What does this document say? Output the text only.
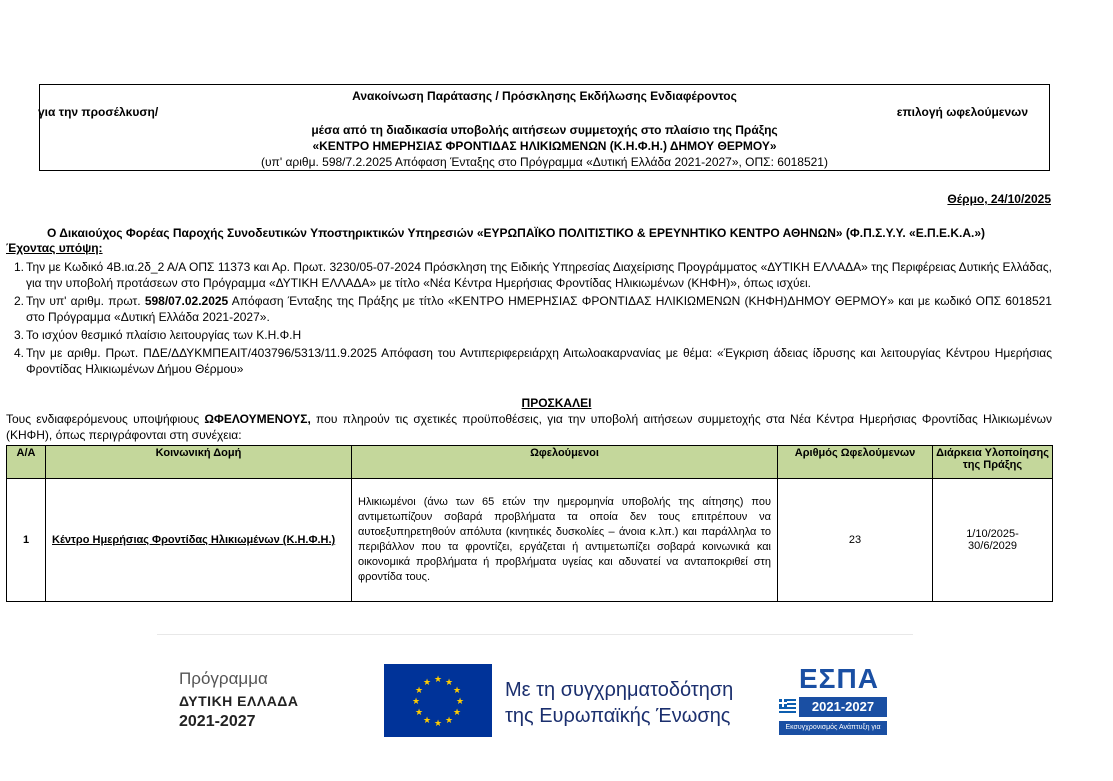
Ανακοίνωση Παράτασης / Πρόσκλησης Εκδήλωσης Ενδιαφέροντος
για την προσέλκυση/	επιλογή ωφελούμενων
μέσα από τη διαδικασία υποβολής αιτήσεων συμμετοχής στο πλαίσιο της Πράξης
«ΚΕΝΤΡΟ ΗΜΕΡΗΣΙΑΣ ΦΡΟΝΤΙΔΑΣ ΗΛΙΚΙΩΜΕΝΩΝ (Κ.Η.Φ.Η.) ΔΗΜΟΥ ΘΕΡΜΟΥ»
(υπ' αριθμ. 598/7.2.2025 Απόφαση Ένταξης στο Πρόγραμμα «Δυτική Ελλάδα 2021-2027», ΟΠΣ: 6018521)
Θέρμο, 24/10/2025
Ο Δικαιούχος Φορέας Παροχής Συνοδευτικών Υποστηρικτικών Υπηρεσιών «ΕΥΡΩΠΑΪΚΟ ΠΟΛΙΤΙΣΤΙΚΟ & ΕΡΕΥΝΗΤΙΚΟ ΚΕΝΤΡΟ ΑΘΗΝΩΝ» (Φ.Π.Σ.Υ.Υ. «Ε.Π.Ε.Κ.Α.»)
Έχοντας υπόψη:
1. Την με Κωδικό 4Β.ια.2δ_2 Α/Α ΟΠΣ 11373 και Αρ. Πρωτ. 3230/05-07-2024 Πρόσκληση της Ειδικής Υπηρεσίας Διαχείρισης Προγράμματος «ΔΥΤΙΚΗ ΕΛΛΑΔΑ» της Περιφέρειας Δυτικής Ελλάδας, για την υποβολή προτάσεων στο Πρόγραμμα «ΔΥΤΙΚΗ ΕΛΛΑΔΑ» με τίτλο «Νέα Κέντρα Ημερήσιας Φροντίδας Ηλικιωμένων (ΚΗΦΗ)», όπως ισχύει.
2. Την υπ' αριθμ. πρωτ. 598/07.02.2025 Απόφαση Ένταξης της Πράξης με τίτλο «ΚΕΝΤΡΟ ΗΜΕΡΗΣΙΑΣ ΦΡΟΝΤΙΔΑΣ ΗΛΙΚΙΩΜΕΝΩΝ (ΚΗΦΗ)ΔΗΜΟΥ ΘΕΡΜΟΥ» και με κωδικό ΟΠΣ 6018521 στο Πρόγραμμα «Δυτική Ελλάδα 2021-2027».
3. Το ισχύον θεσμικό πλαίσιο λειτουργίας των Κ.Η.Φ.Η
4. Την με αριθμ. Πρωτ. ΠΔΕ/ΔΔΥΚΜΠΕΑΙΤ/403796/5313/11.9.2025 Απόφαση του Αντιπεριφερειάρχη Αιτωλοακαρνανίας με θέμα: «Έγκριση άδειας ίδρυσης και λειτουργίας Κέντρου Ημερήσιας Φροντίδας Ηλικιωμένων Δήμου Θέρμου»
ΠΡΟΣΚΑΛΕΙ
Τους ενδιαφερόμενους υποψήφιους ΩΦΕΛΟΥΜΕΝΟΥΣ, που πληρούν τις σχετικές προϋποθέσεις, για την υποβολή αιτήσεων συμμετοχής στα Νέα Κέντρα Ημερήσιας Φροντίδας Ηλικιωμένων (ΚΗΦΗ), όπως περιγράφονται στη συνέχεια:
Α/Α	Κοινωνική Δομή	Ωφελούμενοι	Αριθμός Ωφελούμενων	Διάρκεια Υλοποίησης της Πράξης
1	Κέντρο Ημερήσιας Φροντίδας Ηλικιωμένων (Κ.Η.Φ.Η.)	Ηλικιωμένοι (άνω των 65 ετών την ημερομηνία υποβολής της αίτησης) που αντιμετωπίζουν σοβαρά προβλήματα τα οποία δεν τους επιτρέπουν να αυτοεξυπηρετηθούν απόλυτα (κινητικές δυσκολίες – άνοια κ.λπ.) και παράλληλα το περιβάλλον που τα φροντίζει, εργάζεται ή αντιμετωπίζει σοβαρά κοινωνικά και οικονομικά προβλήματα ή προβλήματα υγείας και αδυνατεί να ανταποκριθεί στη φροντίδα τους.	23	1/10/2025-
30/6/2029
Πρόγραμμα
ΔΥΤΙΚΗ ΕΛΛΑΔΑ
2021-2027
★ ★
★
★
★
★
★
★
★
★
★
★	Με τη συγχρηματοδότηση
της Ευρωπαϊκής Ένωσης
ΕΣΠΑ
2021-2027
Εκσυγχρονισμός Ανάπτυξη για Όλους
